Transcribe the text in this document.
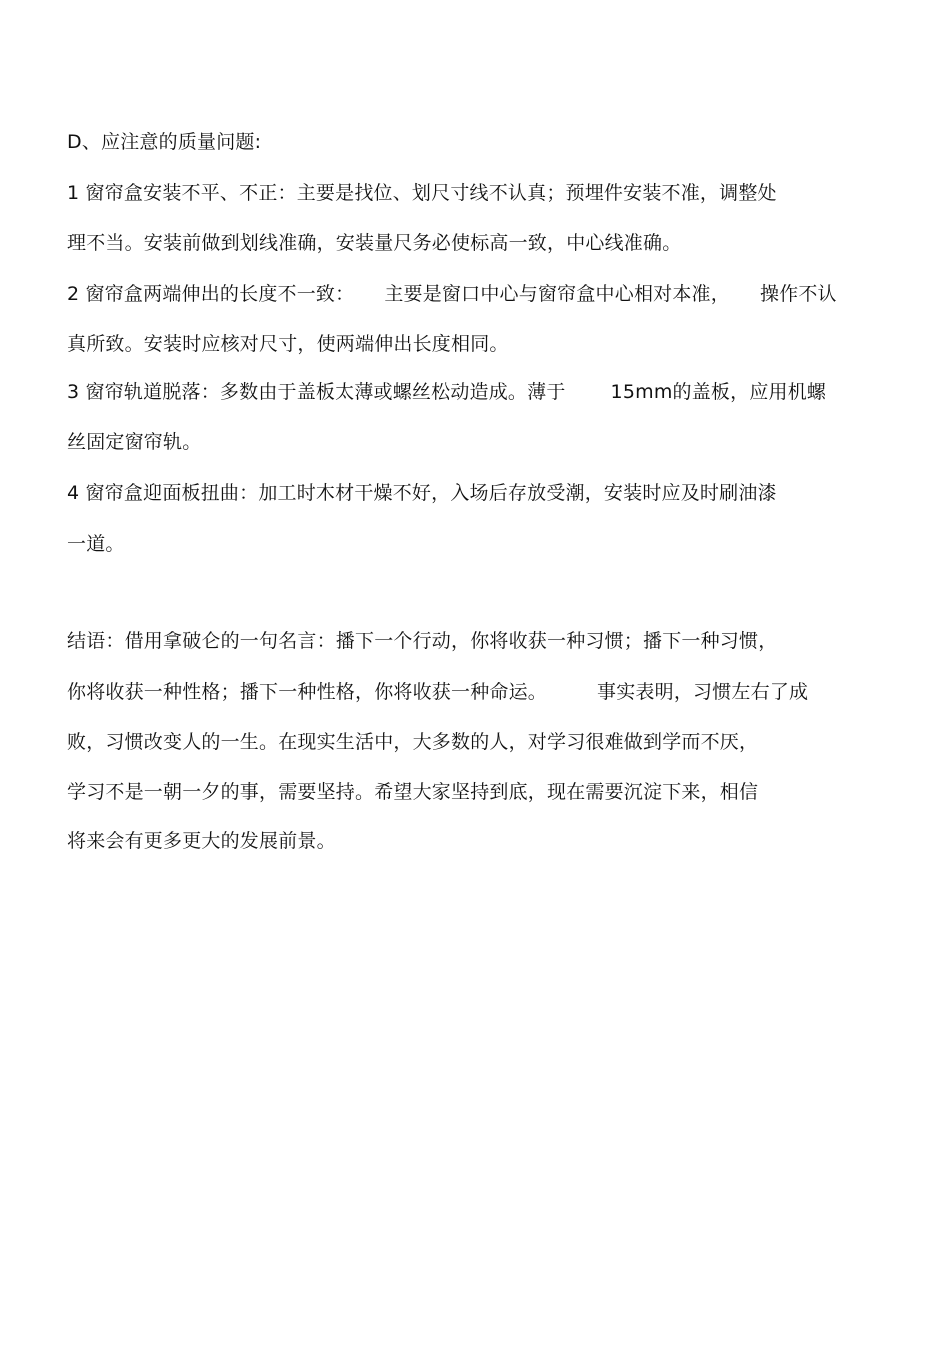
D、应注意的质量问题:
1 窗帘盒安装不平、不正：主要是找位、划尺寸线不认真；预埋件安装不准，调整处
理不当。安装前做到划线准确，安装量尺务必使标高一致，中心线准确。
2 窗帘盒两端伸出的长度不一致： 主要是窗口中心与窗帘盒中心相对本准， 操作不认
真所致。安装时应核对尺寸，使两端伸出长度相同。
3 窗帘轨道脱落：多数由于盖板太薄或螺丝松动造成。薄于 15mm的盖板，应用机螺
丝固定窗帘轨。
4 窗帘盒迎面板扭曲：加工时木材干燥不好，入场后存放受潮，安装时应及时刷油漆
一道。
结语：借用拿破仑的一句名言：播下一个行动，你将收获一种习惯；播下一种习惯，
你将收获一种性格；播下一种性格，你将收获一种命运。	事实表明，习惯左右了成
败，习惯改变人的一生。在现实生活中，大多数的人，对学习很难做到学而不厌，
学习不是一朝一夕的事，需要坚持。希望大家坚持到底，现在需要沉淀下来，相信
将来会有更多更大的发展前景。
